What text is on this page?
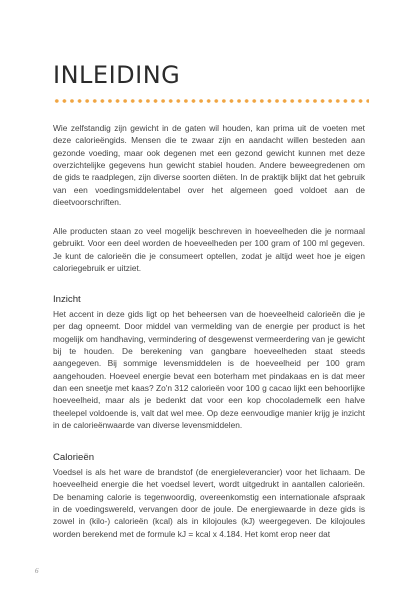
INLEIDING

Wie zelfstandig zijn gewicht in de gaten wil houden, kan prima uit de voeten met deze calorieëngids. Mensen die te zwaar zijn en aandacht willen besteden aan gezonde voeding, maar ook degenen met een gezond gewicht kunnen met deze overzichtelijke gegevens hun gewicht stabiel houden. Andere beweegredenen om de gids te raadplegen, zijn diverse soorten diëten. In de praktijk blijkt dat het gebruik van een voedingsmiddelentabel over het algemeen goed voldoet aan de dieetvoorschriften.

Alle producten staan zo veel mogelijk beschreven in hoeveelheden die je normaal gebruikt. Voor een deel worden de hoeveelheden per 100 gram of 100 ml gegeven. Je kunt de calorieën die je consumeert optellen, zodat je altijd weet hoe je eigen caloriegebruik er uitziet.

Inzicht

Het accent in deze gids ligt op het beheersen van de hoeveelheid calorieën die je per dag opneemt. Door middel van vermelding van de energie per product is het mogelijk om handhaving, vermindering of desgewenst vermeerdering van je gewicht bij te houden. De berekening van gangbare hoeveelheden staat steeds aangegeven. Bij sommige levensmiddelen is de hoeveelheid per 100 gram aangehouden. Hoeveel energie bevat een boterham met pindakaas en is dat meer dan een sneetje met kaas? Zo'n 312 calorieën voor 100 g cacao lijkt een behoorlijke hoeveelheid, maar als je bedenkt dat voor een kop chocolademelk een halve theelepel voldoende is, valt dat wel mee. Op deze eenvoudige manier krijg je inzicht in de calorieënwaarde van diverse levensmiddelen.

Calorieën

Voedsel is als het ware de brandstof (de energieleverancier) voor het lichaam. De hoeveelheid energie die het voedsel levert, wordt uitgedrukt in aantallen calorieën. De benaming calorie is tegenwoordig, overeenkomstig een internationale afspraak in de voedingswereld, vervangen door de joule. De energiewaarde in deze gids is zowel in (kilo-) calorieën (kcal) als in kilojoules (kJ) weergegeven. De kilojoules worden berekend met de formule kJ = kcal x 4.184. Het komt erop neer dat

6
